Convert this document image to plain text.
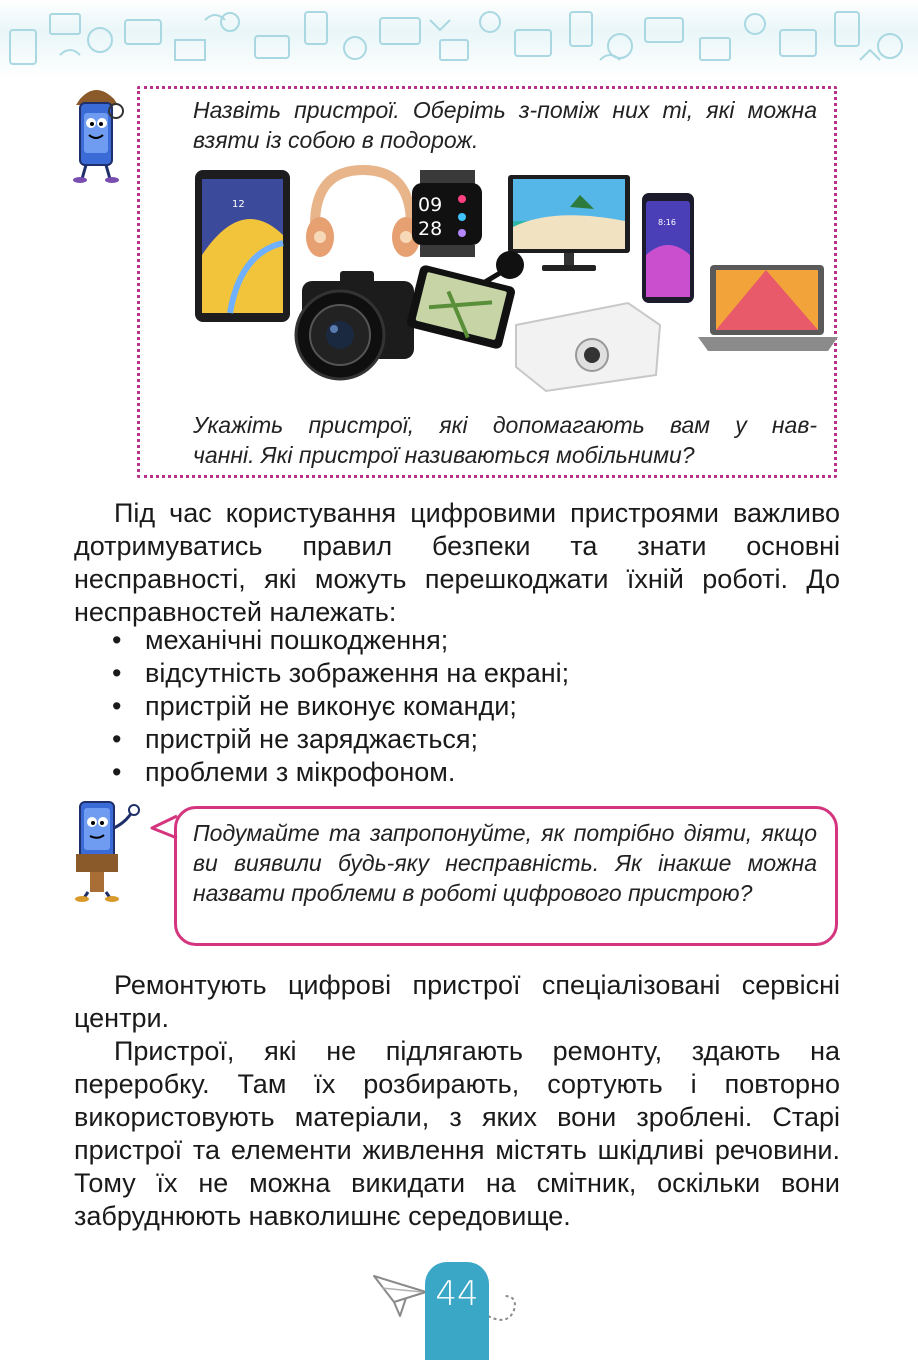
Назвіть пристрої. Оберіть з-поміж них ті, які можна взяти із собою в подорож.
12	09
28	8:16
Укажіть пристрої, які допомагають вам у нав-
чанні. Які пристрої називаються мобільними?

Під час користування цифровими пристроями важливо дотримуватись правил безпеки та знати основні несправності, які можуть перешкоджати їхній роботі. До несправностей належать:

• механічні пошкодження;
• відсутність зображення на екрані;
• пристрій не виконує команди;
• пристрій не заряджається;
• проблеми з мікрофоном.
Подумайте та запропонуйте, як потрібно діяти, якщо ви виявили будь-яку несправність. Як інакше можна назвати проблеми в роботі цифрового пристрою?

Ремонтують цифрові пристрої спеціалізовані сервісні центри.

Пристрої, які не підлягають ремонту, здають на переробку. Там їх розбирають, сортують і повторно використовують матеріали, з яких вони зроблені. Старі пристрої та елементи живлення містять шкідливі речовини. Тому їх не можна викидати на смітник, оскільки вони забруднюють навколишнє середовище.

44
